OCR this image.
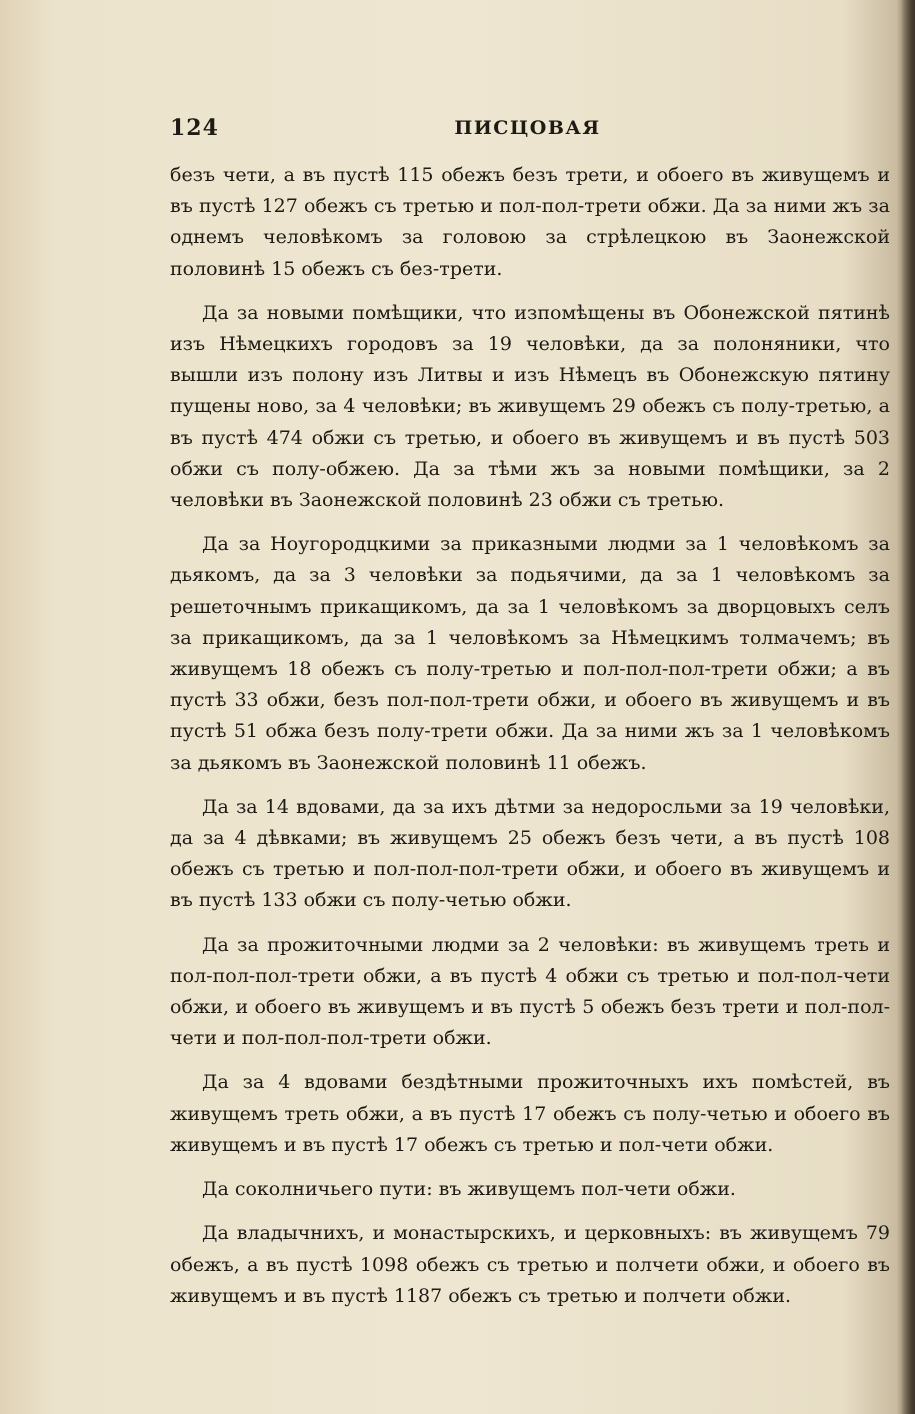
124	ПИСЦОВАЯ

безъ чети, а въ пустѣ 115 обежъ безъ трети, и обоего въ живущемъ и въ пустѣ 127 обежъ съ третью и пол-пол-трети обжи. Да за ними жъ за однемъ человѣкомъ за головою за стрѣлецкою въ Заонежской половинѣ 15 обежъ съ без-трети.

Да за новыми помѣщики, что изпомѣщены въ Обонежской пятинѣ изъ Нѣмецкихъ городовъ за 19 человѣки, да за полоняники, что вышли изъ полону изъ Литвы и изъ Нѣмецъ въ Обонежскую пятину пущены ново, за 4 человѣки; въ живущемъ 29 обежъ съ полу-третью, а въ пустѣ 474 обжи съ третью, и обоего въ живущемъ и въ пустѣ 503 обжи съ полу-обжею. Да за тѣми жъ за новыми помѣщики, за 2 человѣки въ Заонежской половинѣ 23 обжи съ третью.

Да за Ноугородцкими за приказными людми за 1 человѣкомъ за дьякомъ, да за 3 человѣки за подьячими, да за 1 человѣкомъ за решеточнымъ прикащикомъ, да за 1 человѣкомъ за дворцовыхъ селъ за прикащикомъ, да за 1 человѣкомъ за Нѣмецкимъ толмачемъ; въ живущемъ 18 обежъ съ полу-третью и пол-пол-пол-трети обжи; а въ пустѣ 33 обжи, безъ пол-пол-трети обжи, и обоего въ живущемъ и въ пустѣ 51 обжа безъ полу-трети обжи. Да за ними жъ за 1 человѣкомъ за дьякомъ въ Заонежской половинѣ 11 обежъ.

Да за 14 вдовами, да за ихъ дѣтми за недоросльми за 19 человѣки, да за 4 дѣвками; въ живущемъ 25 обежъ безъ чети, а въ пустѣ 108 обежъ съ третью и пол-пол-пол-трети обжи, и обоего въ живущемъ и въ пустѣ 133 обжи съ полу-четью обжи.

Да за прожиточными людми за 2 человѣки: въ живущемъ треть и пол-пол-пол-трети обжи, а въ пустѣ 4 обжи съ третью и пол-пол-чети обжи, и обоего въ живущемъ и въ пустѣ 5 обежъ безъ трети и пол-пол-чети и пол-пол-пол-трети обжи.

Да за 4 вдовами бездѣтными прожиточныхъ ихъ помѣстей, въ живущемъ треть обжи, а въ пустѣ 17 обежъ съ полу-четью и обоего въ живущемъ и въ пустѣ 17 обежъ съ третью и пол-чети обжи.

Да соколничьего пути: въ живущемъ пол-чети обжи.

Да владычнихъ, и монастырскихъ, и церковныхъ: въ живущемъ 79 обежъ, а въ пустѣ 1098 обежъ съ третью и полчети обжи, и обоего въ живущемъ и въ пустѣ 1187 обежъ съ третью и полчети обжи.
